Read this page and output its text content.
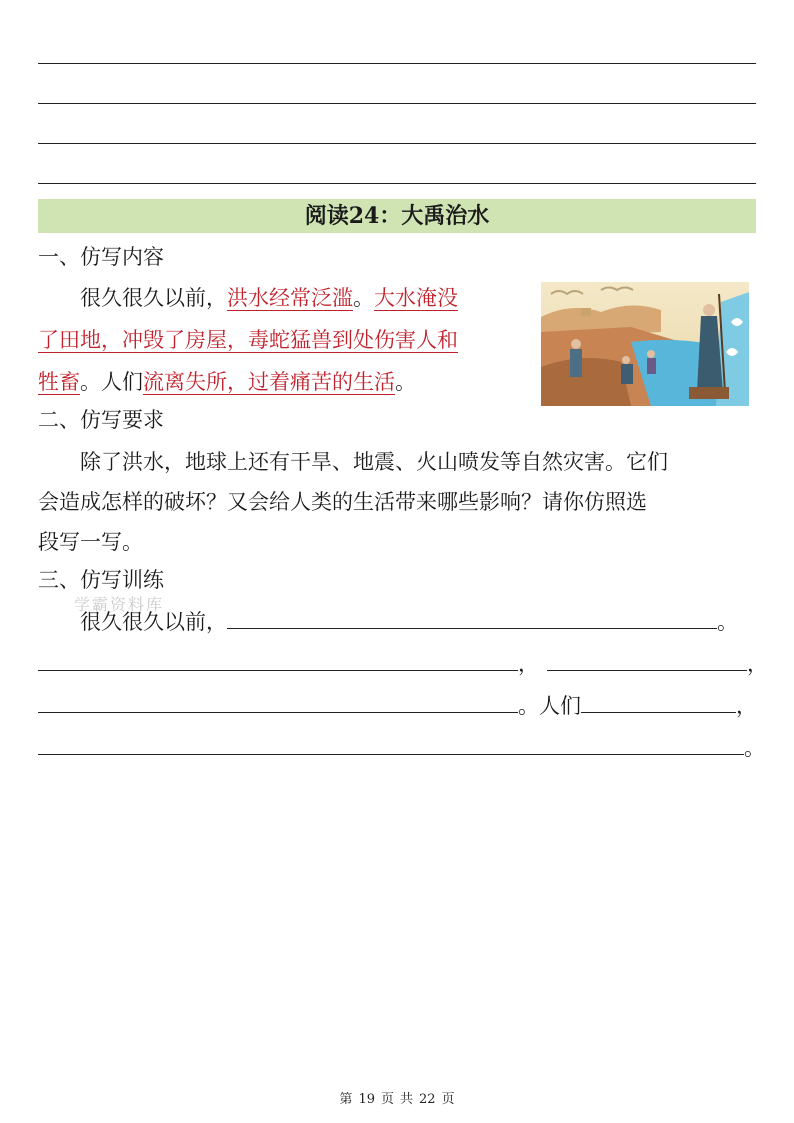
阅读24：大禹治水
一、仿写内容
很久很久以前，洪水经常泛滥。大水淹没
了田地，冲毁了房屋，毒蛇猛兽到处伤害人和
牲畜。人们流离失所，过着痛苦的生活。
二、仿写要求
除了洪水，地球上还有干旱、地震、火山喷发等自然灾害。它们
会造成怎样的破坏？又会给人类的生活带来哪些影响？请你仿照选
段写一写。
三、仿写训练
学霸资料库
很久很久以前，	。
，	，
。人们	，
。
第 19 页 共 22 页
